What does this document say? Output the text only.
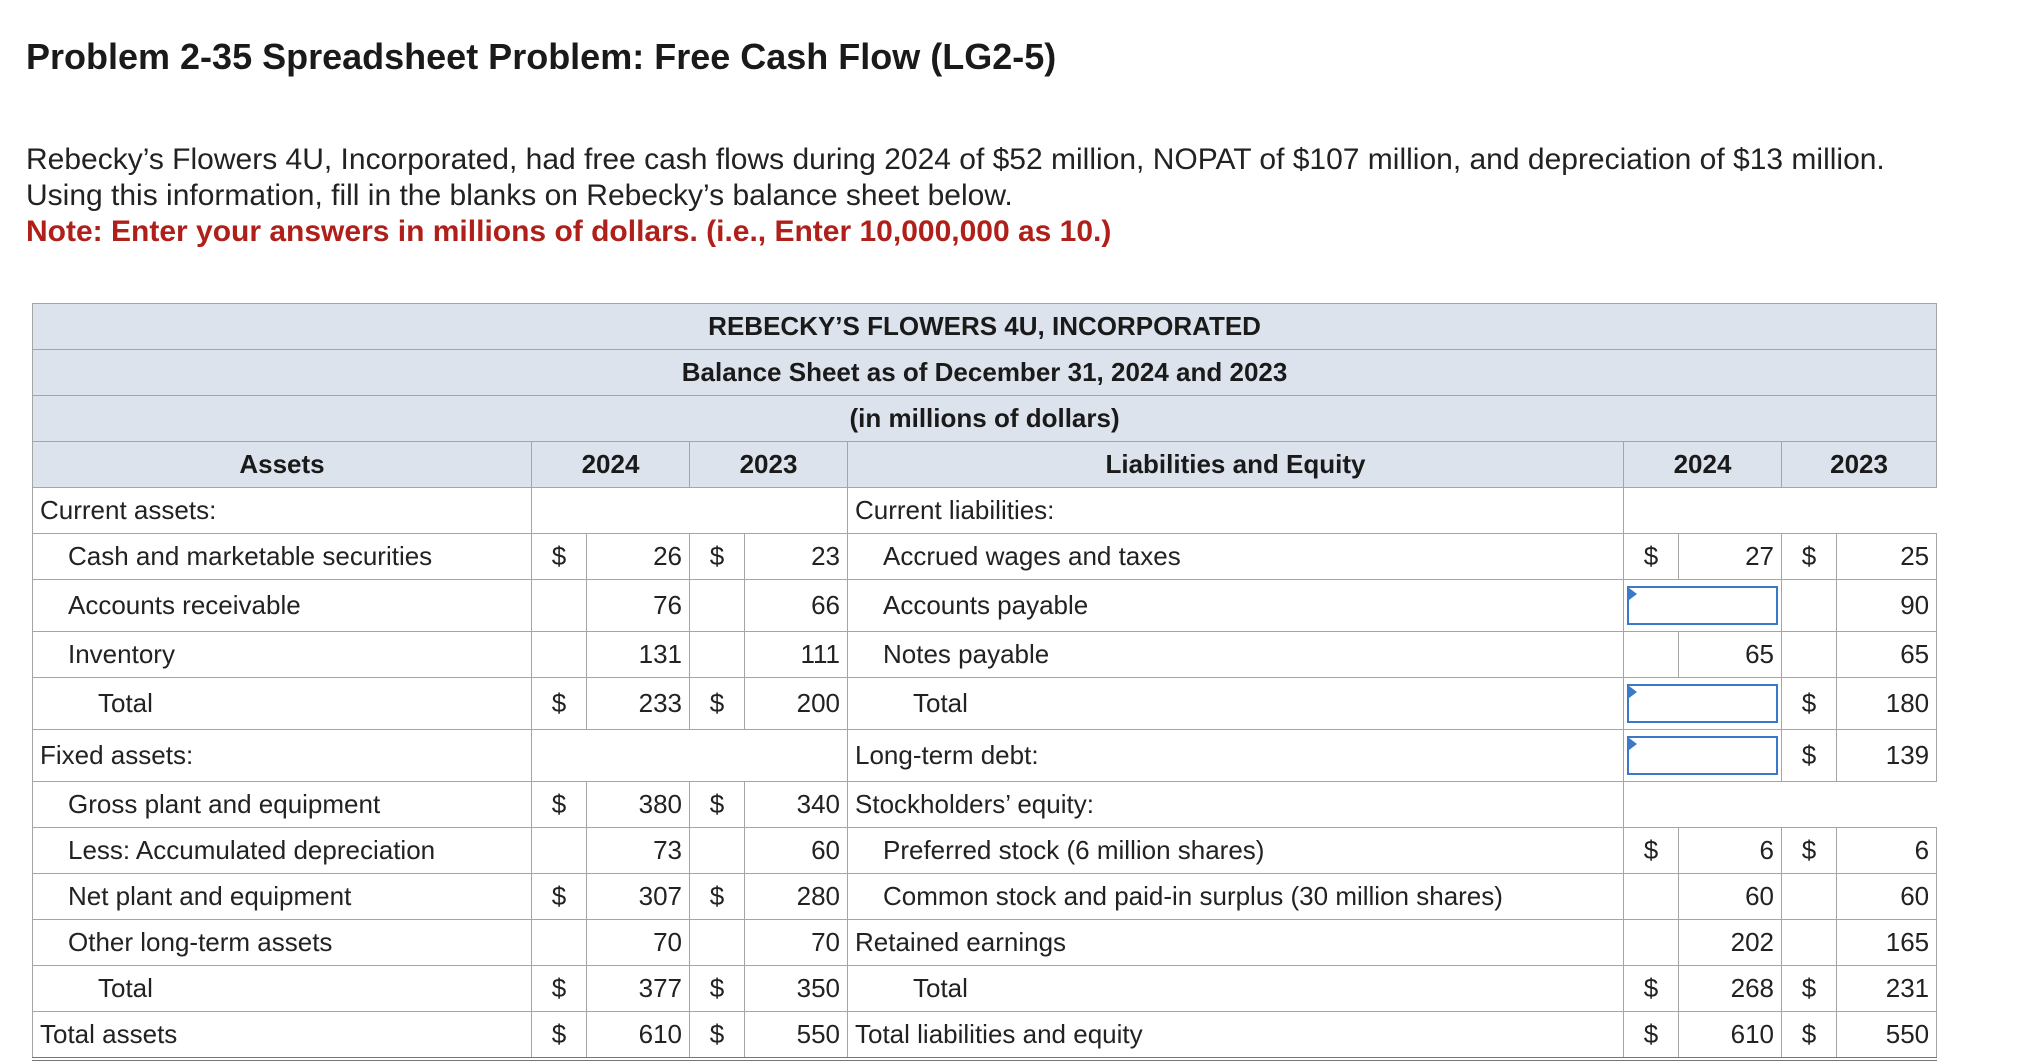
Problem 2-35 Spreadsheet Problem: Free Cash Flow (LG2-5)

Rebecky’s Flowers 4U, Incorporated, had free cash flows during 2024 of $52 million, NOPAT of $107 million, and depreciation of $13 million. Using this information, fill in the blanks on Rebecky’s balance sheet below.

Note: Enter your answers in millions of dollars. (i.e., Enter 10,000,000 as 10.)

REBECKY’S FLOWERS 4U, INCORPORATED									
Balance Sheet as of December 31, 2024 and 2023									
(in millions of dollars)									
Assets	2024		2023		Liabilities and Equity	2024		2023	
Current assets:					Current liabilities:				
Cash and marketable securities	$	26	$	23	Accrued wages and taxes	$	27	$	25
Accounts receivable		76		66	Accounts payable				90
Inventory		131		111	Notes payable		65		65
Total	$	233	$	200	Total			$	180
Fixed assets:					Long-term debt:			$	139
Gross plant and equipment	$	380	$	340	Stockholders’ equity:				
Less: Accumulated depreciation		73		60	Preferred stock (6 million shares)	$	6	$	6
Net plant and equipment	$	307	$	280	Common stock and paid-in surplus (30 million shares)		60		60
Other long-term assets		70		70	Retained earnings		202		165
Total	$	377	$	350	Total	$	268	$	231
Total assets	$	610	$	550	Total liabilities and equity	$	610	$	550
